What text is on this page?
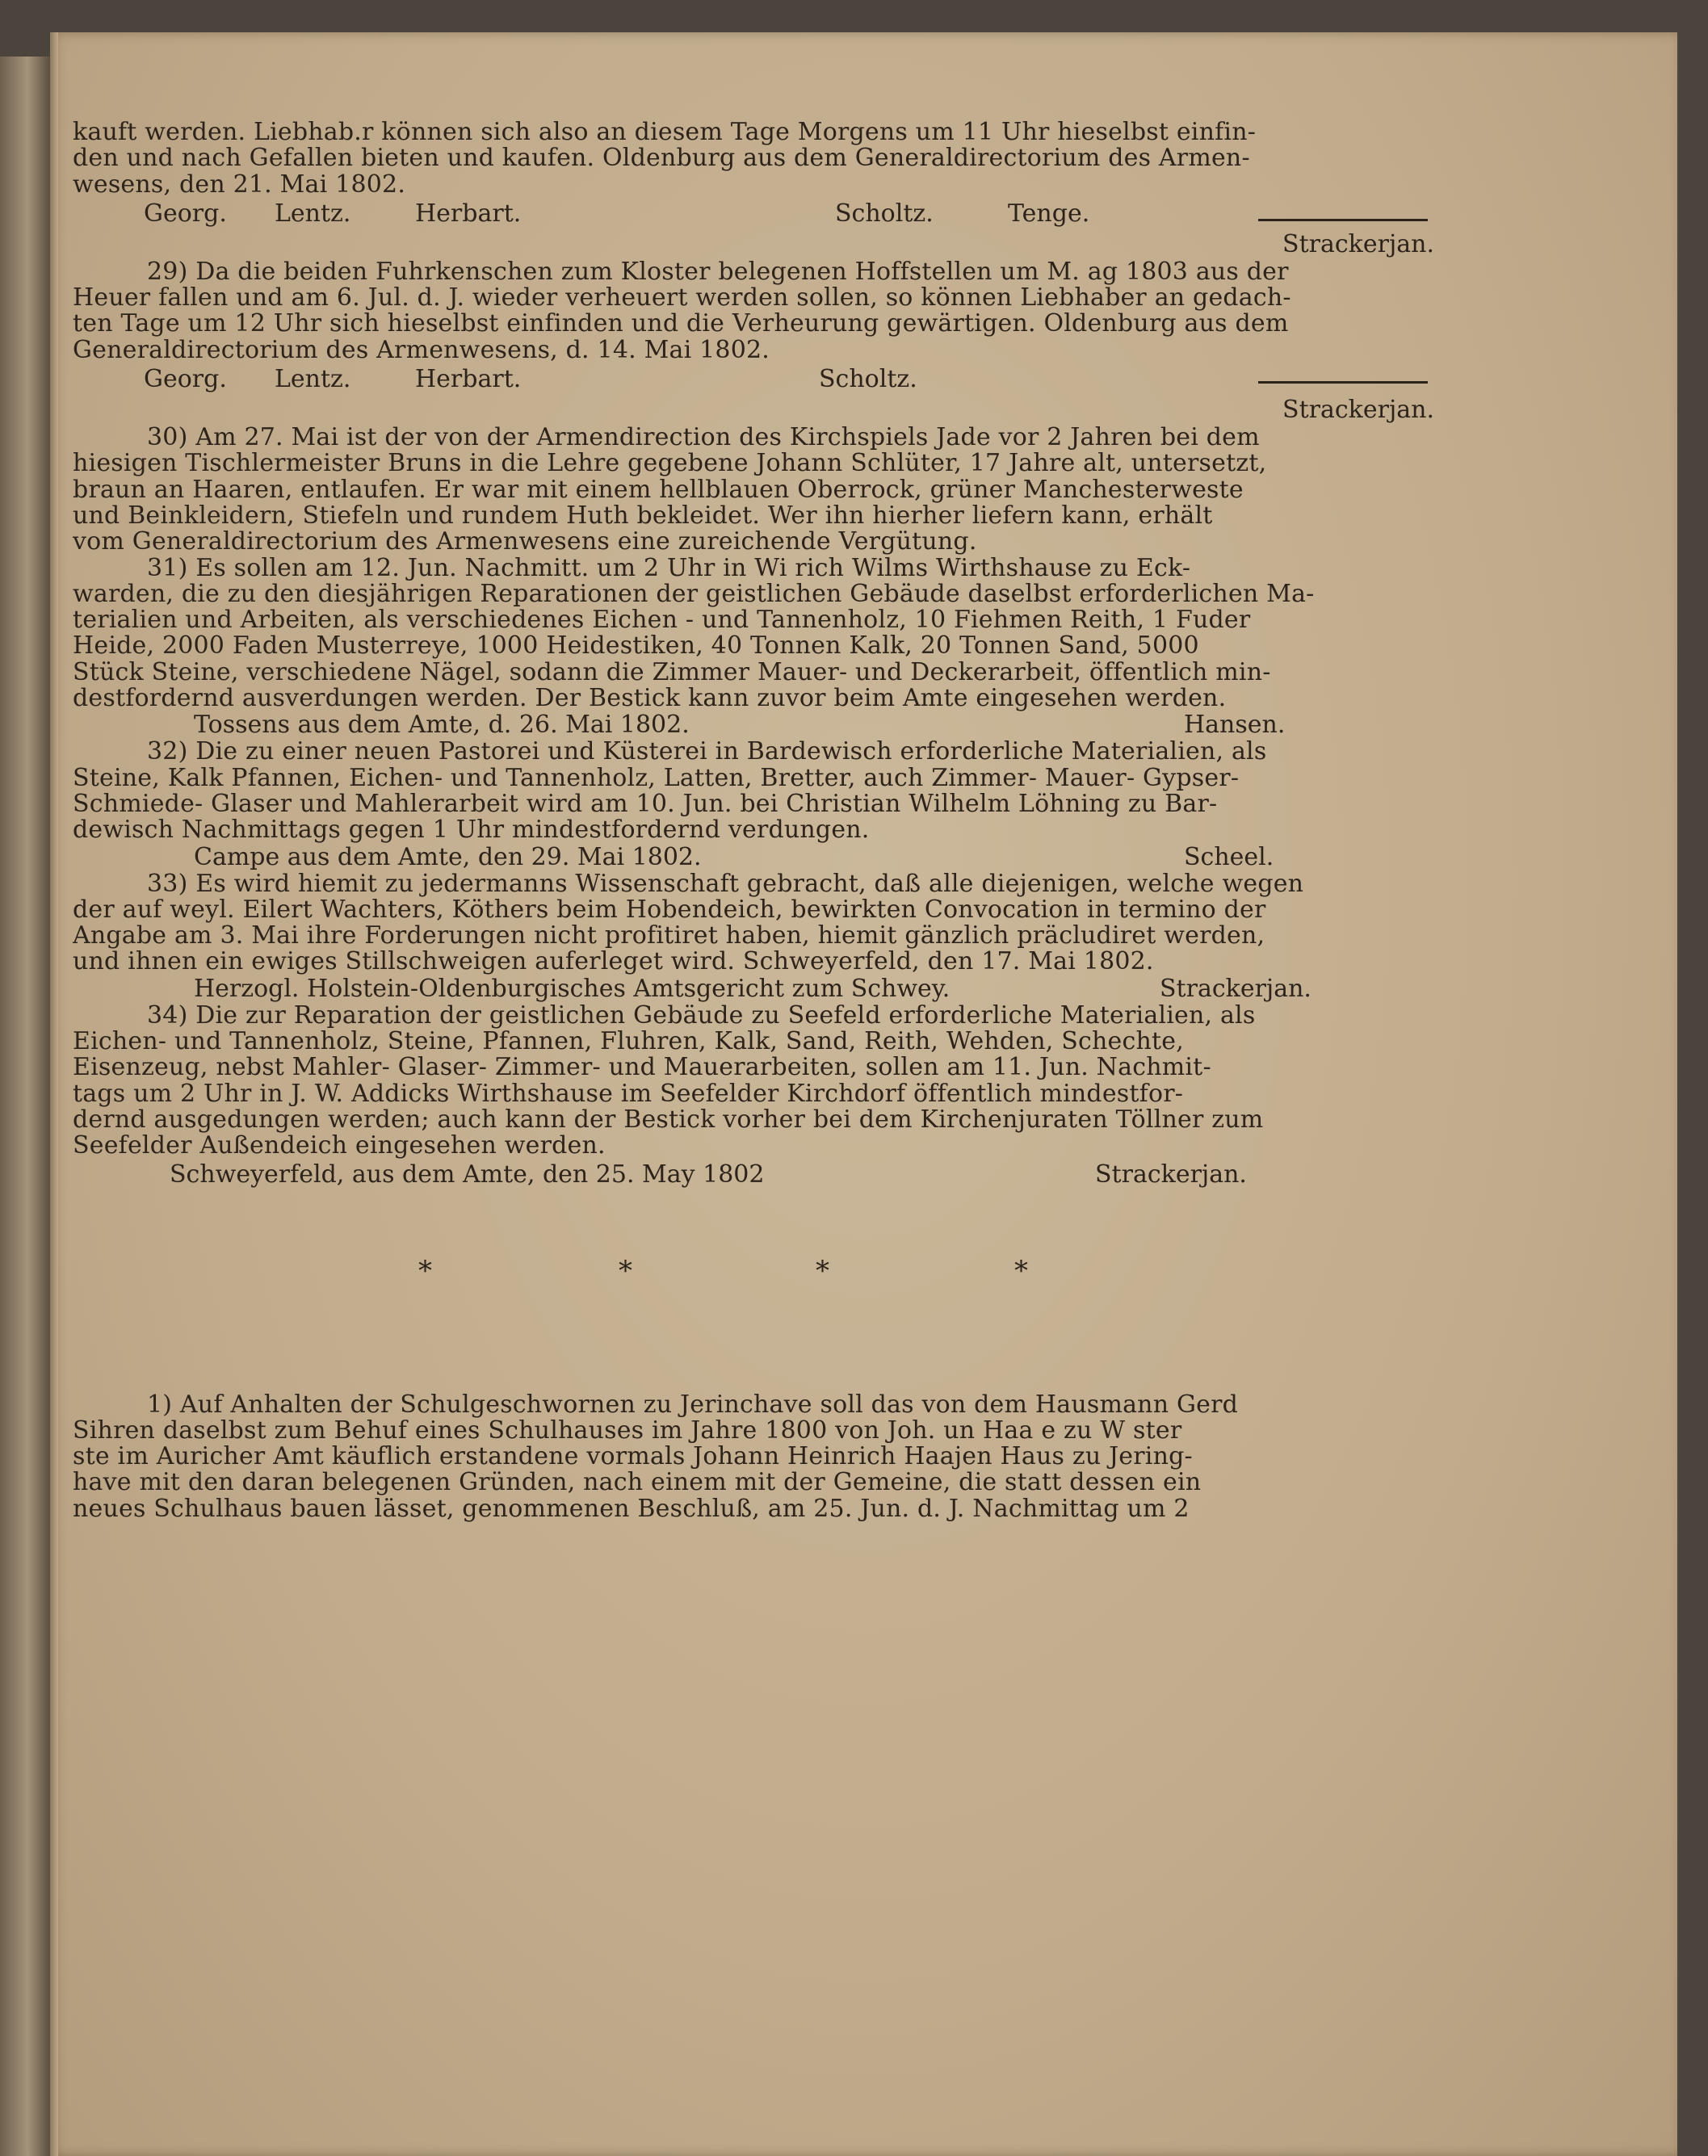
kauft werden. Liebhab.r können sich also an diesem Tage Morgens um 11 Uhr hieselbst einfin-
den und nach Gefallen bieten und kaufen. Oldenburg aus dem Generaldirectorium des Armen-
wesens, den 21. Mai 1802.
Georg. Lentz.	Herbart.	Scholtz.	Tenge.
Strackerjan.
29) Da die beiden Fuhrkenschen zum Kloster belegenen Hoffstellen um M. ag 1803 aus der
Heuer fallen und am 6. Jul. d. J. wieder verheuert werden sollen, so können Liebhaber an gedach-
ten Tage um 12 Uhr sich hieselbst einfinden und die Verheurung gewärtigen. Oldenburg aus dem
Generaldirectorium des Armenwesens, d. 14. Mai 1802.
Georg. Lentz.	Herbart.	Scholtz.
Strackerjan.
30) Am 27. Mai ist der von der Armendirection des Kirchspiels Jade vor 2 Jahren bei dem
hiesigen Tischlermeister Bruns in die Lehre gegebene Johann Schlüter, 17 Jahre alt, untersetzt,
braun an Haaren, entlaufen. Er war mit einem hellblauen Oberrock, grüner Manchesterweste
und Beinkleidern, Stiefeln und rundem Huth bekleidet. Wer ihn hierher liefern kann, erhält
vom Generaldirectorium des Armenwesens eine zureichende Vergütung.
31) Es sollen am 12. Jun. Nachmitt. um 2 Uhr in Wi rich Wilms Wirthshause zu Eck-
warden, die zu den diesjährigen Reparationen der geistlichen Gebäude daselbst erforderlichen Ma-
terialien und Arbeiten, als verschiedenes Eichen - und Tannenholz, 10 Fiehmen Reith, 1 Fuder
Heide, 2000 Faden Musterreye, 1000 Heidestiken, 40 Tonnen Kalk, 20 Tonnen Sand, 5000
Stück Steine, verschiedene Nägel, sodann die Zimmer Mauer- und Deckerarbeit, öffentlich min-
destfordernd ausverdungen werden. Der Bestick kann zuvor beim Amte eingesehen werden.
Tossens aus dem Amte, d. 26. Mai 1802.	Hansen.
32) Die zu einer neuen Pastorei und Küsterei in Bardewisch erforderliche Materialien, als
Steine, Kalk Pfannen, Eichen- und Tannenholz, Latten, Bretter, auch Zimmer- Mauer- Gypser-
Schmiede- Glaser und Mahlerarbeit wird am 10. Jun. bei Christian Wilhelm Löhning zu Bar-
dewisch Nachmittags gegen 1 Uhr mindestfordernd verdungen.
Campe aus dem Amte, den 29. Mai 1802.	Scheel.
33) Es wird hiemit zu jedermanns Wissenschaft gebracht, daß alle diejenigen, welche wegen
der auf weyl. Eilert Wachters, Köthers beim Hobendeich, bewirkten Convocation in termino der
Angabe am 3. Mai ihre Forderungen nicht profitiret haben, hiemit gänzlich präcludiret werden,
und ihnen ein ewiges Stillschweigen auferleget wird. Schweyerfeld, den 17. Mai 1802.
Herzogl. Holstein-Oldenburgisches Amtsgericht zum Schwey.	Strackerjan.
34) Die zur Reparation der geistlichen Gebäude zu Seefeld erforderliche Materialien, als
Eichen- und Tannenholz, Steine, Pfannen, Fluhren, Kalk, Sand, Reith, Wehden, Schechte,
Eisenzeug, nebst Mahler- Glaser- Zimmer- und Mauerarbeiten, sollen am 11. Jun. Nachmit-
tags um 2 Uhr in J. W. Addicks Wirthshause im Seefelder Kirchdorf öffentlich mindestfor-
dernd ausgedungen werden; auch kann der Bestick vorher bei dem Kirchenjuraten Töllner zum
Seefelder Außendeich eingesehen werden.
Schweyerfeld, aus dem Amte, den 25. May 1802	Strackerjan.
*	*	*	*
1) Auf Anhalten der Schulgeschwornen zu Jerinchave soll das von dem Hausmann Gerd
Sihren daselbst zum Behuf eines Schulhauses im Jahre 1800 von Joh. un Haa e zu W ster
ste im Auricher Amt käuflich erstandene vormals Johann Heinrich Haajen Haus zu Jering-
have mit den daran belegenen Gründen, nach einem mit der Gemeine, die statt dessen ein
neues Schulhaus bauen lässet, genommenen Beschluß, am 25. Jun. d. J. Nachmittag um 2
